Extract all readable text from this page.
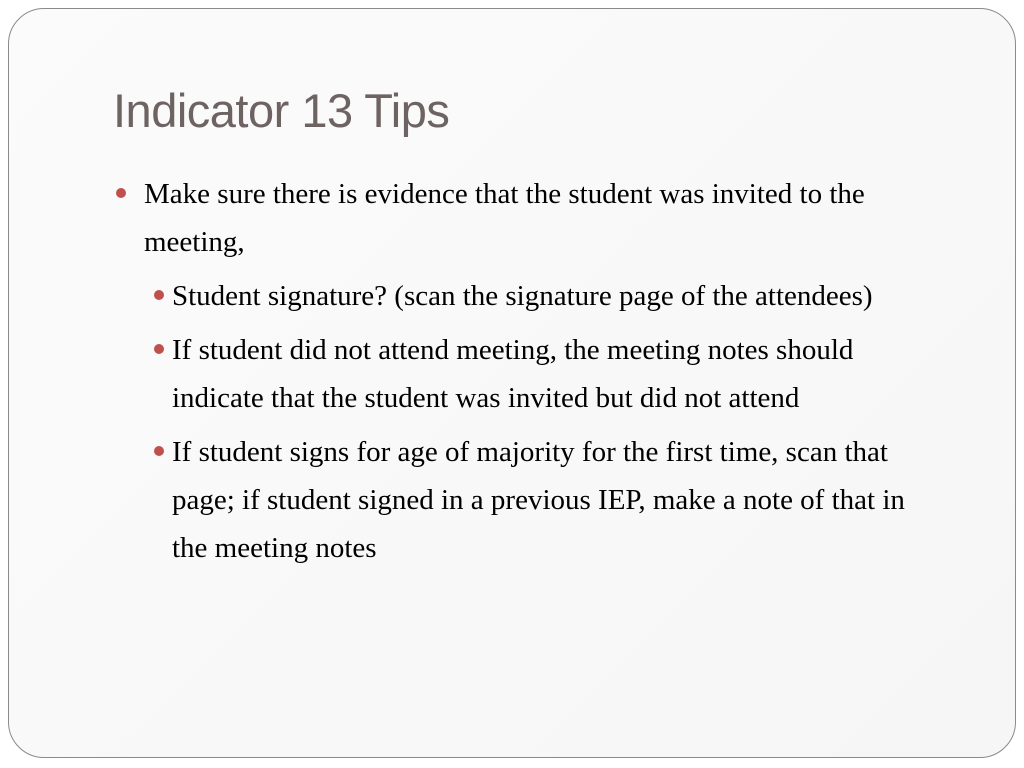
Indicator 13 Tips
Make sure there is evidence that the student was invited to the meeting,
Student signature? (scan the signature page of the attendees)
If student did not attend meeting, the meeting notes should indicate that the student was invited but did not attend
If student signs for age of majority for the first time, scan that page; if student signed in a previous IEP, make a note of that in the meeting notes
